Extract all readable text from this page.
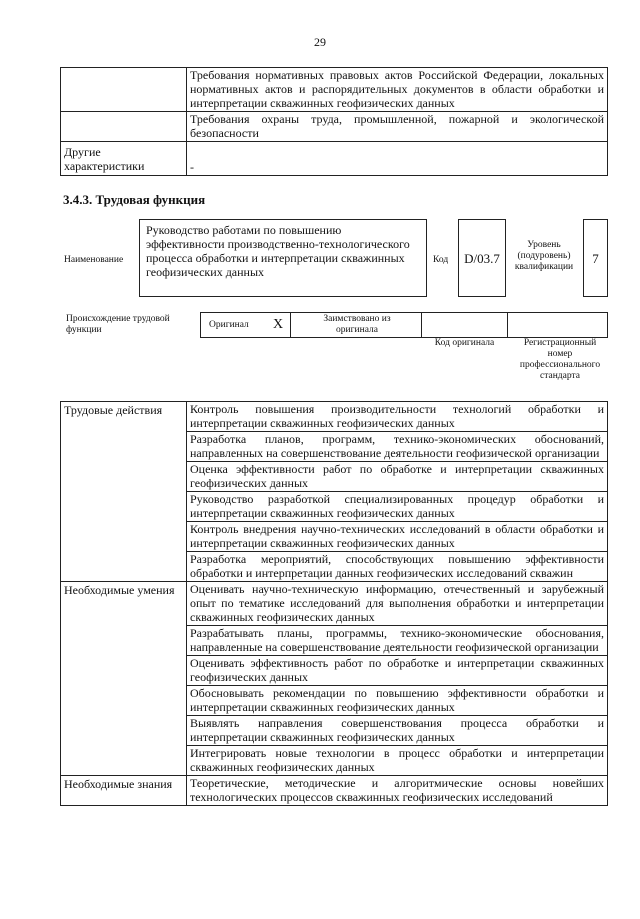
29
	Требования нормативных правовых актов Российской Федерации, локальных нормативных актов и распорядительных документов в области обработки и интерпретации скважинных геофизических данных
	Требования охраны труда, промышленной, пожарной и экологической безопасности
Другие характеристики	-
3.4.3. Трудовая функция
Наименование
Руководство работами по повышению эффективности производственно-технологического процесса обработки и интерпретации скважинных геофизических данных
Код	D/03.7
Уровень (подуровень) квалификации
7
Происхождение трудовой функции	Оригинал X	Заимствовано из оригинала
Код оригинала	Регистрационный номер профессионального стандарта
Трудовые действия	Контроль повышения производительности технологий обработки и интерпретации скважинных геофизических данных
	Разработка планов, программ, технико-экономических обоснований, направленных на совершенствование деятельности геофизической организации
	Оценка эффективности работ по обработке и интерпретации скважинных геофизических данных
	Руководство разработкой специализированных процедур обработки и интерпретации скважинных геофизических данных
	Контроль внедрения научно-технических исследований в области обработки и интерпретации скважинных геофизических данных
	Разработка мероприятий, способствующих повышению эффективности обработки и интерпретации данных геофизических исследований скважин
Необходимые умения	Оценивать научно-техническую информацию, отечественный и зарубежный опыт по тематике исследований для выполнения обработки и интерпретации скважинных геофизических данных
	Разрабатывать планы, программы, технико-экономические обоснования, направленные на совершенствование деятельности геофизической организации
	Оценивать эффективность работ по обработке и интерпретации скважинных геофизических данных
	Обосновывать рекомендации по повышению эффективности обработки и интерпретации скважинных геофизических данных
	Выявлять направления совершенствования процесса обработки и интерпретации скважинных геофизических данных
	Интегрировать новые технологии в процесс обработки и интерпретации скважинных геофизических данных
Необходимые знания	Теоретические, методические и алгоритмические основы новейших технологических процессов скважинных геофизических исследований
